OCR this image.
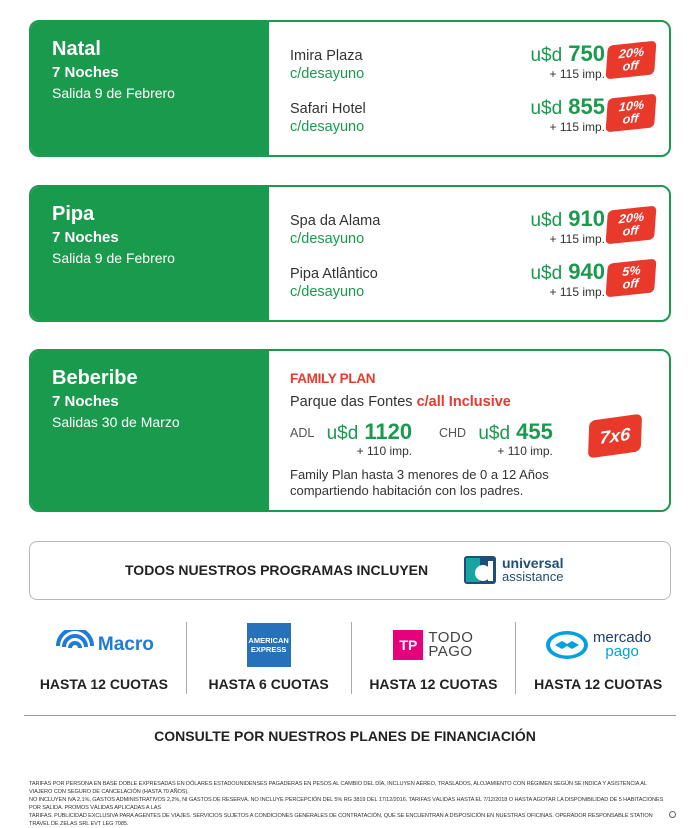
Natal
7 Noches
Salida 9 de Febrero
Imira Plaza
c/desayuno
u$d 750
+ 115 imp.
20%
off
Safari Hotel
c/desayuno
u$d 855
+ 115 imp.
10%
off
Pipa
7 Noches
Salida 9 de Febrero
Spa da Alama
c/desayuno
u$d 910
+ 115 imp.
20%
off
Pipa Atlântico
c/desayuno
u$d 940
+ 115 imp.
5%
off
Beberibe
7 Noches
Salidas 30 de Marzo
FAMILY PLAN
Parque das Fontes c/all Inclusive
ADL u$d 1120
+ 110 imp.
CHD u$d 455
+ 110 imp.
7x6
Family Plan hasta 3 menores de 0 a 12 Años
compartiendo habitación con los padres.
TODOS NUESTROS PROGRAMAS INCLUYEN	universal
assistance
Macro
HASTA 12 CUOTAS
AMERICAN
EXPRESS
HASTA 6 CUOTAS
TP TODO
PAGO
HASTA 12 CUOTAS
mercado
pago
HASTA 12 CUOTAS
CONSULTE POR NUESTROS PLANES DE FINANCIACIÓN
TARIFAS POR PERSONA EN BASE DOBLE EXPRESADAS EN DÓLARES ESTADOUNIDENSES PAGADERAS EN PESOS AL CAMBIO DEL DÍA, INCLUYEN AÉREO, TRASLADOS, ALOJAMIENTO CON RÉGIMEN SEGÚN SE INDICA Y ASISTENCIA AL VIAJERO CON SEGURO DE CANCELACIÓN (HASTA 70 AÑOS).
NO INCLUYEN IVA 2,1%, GASTOS ADMINISTRATIVOS 2,2%, NI GASTOS DE RESERVA. NO INCLUYE PERCEPCIÓN DEL 5% RG 3819 DEL 17/12/2016. TARIFAS VÁLIDAS HASTA EL 7/12/2018 O HASTA AGOTAR LA DISPONIBILIDAD DE 5 HABITACIONES POR SALIDA. PROMOS VÁLIDAS APLICADAS A LAS
TARIFAS. PUBLICIDAD EXCLUSIVA PARA AGENTES DE VIAJES. SERVICIOS SUJETOS A CONDICIONES GENERALES DE CONTRATACIÓN, QUE SE ENCUENTRAN A DISPOSICIÓN EN NUESTRAS OFICINAS. OPERADOR RESPONSABLE STATION TRAVEL DE ZELAS SRL EVT LEG 7085.
